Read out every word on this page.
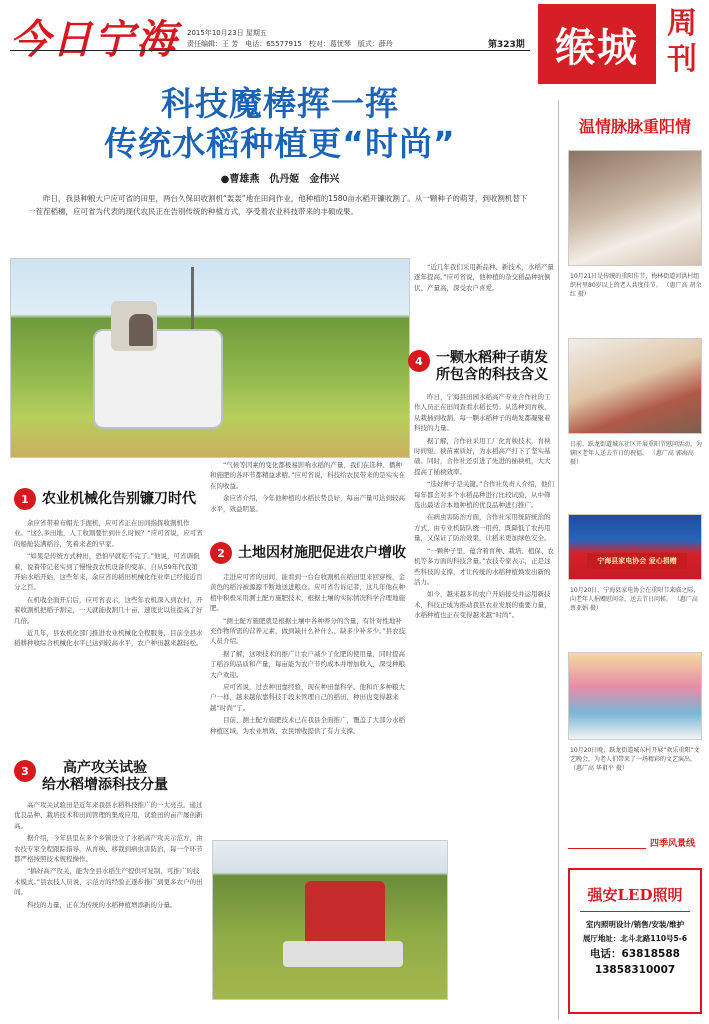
今日宁海 2015年10月23日 星期五
责任编辑：王 芳　电话：65577915　校对：葛忧琴　版式：薛玲	第323期 缑城 周刊
科技魔棒挥一挥
传统水稻种植更“时尚”
●曹雄燕　仇丹姬　金伟兴
昨日，我县种粮大户应可省的田里，两台久保田收割机“轰轰”地在田间作业，他种植的1580亩水稻开镰收割了。从一颗种子的萌芽，到收割机替下一茬茬稻穗，应可省为代表的现代农民正在告别传统的种植方式，享受着农业科技带来的丰硕成果。
1 农业机械化告别镰刀时代
2 土地因材施肥促进农户增收
3	高产攻关试验
给水稻增添科技分量
4 一颗水稻种子萌发
所包含的科技含义

余应省带着布帽光手握机，应可省正在田间指挥收割机作业。“这么多田地，人工收割要忙到什么时候？”应可省说，应可省的船舱装满稻谷，笑着来老的早家。

“如果是传统方式种田，恐怕早就吃不完了。”他说，可省调侃着，说着带记老实到了慢慢我农机设备的变革，自从59年代我第开始水稻开始，这些年来，余应省的稻田机械化作业率已经接近百分之百。

在机收全面开启后，应可省表示，这些年农机深入到农村，开着收割机把稻子割完，一天就能收割几十亩，速度比以往提高了好几倍。

近几年，县农机化部门推进农业机械化全程服务，目前全县水稻耕种收综合机械化水平已达到较高水平，农户种田越来越轻松。

“气候等因素的变化都极易影响水稻的产量，我们在选种、播种和施肥的各环节都精益求精。”应可省说，科技给农民带来的是实实在在的收益。

余应省介绍，今年他种植的水稻长势良好，每亩产量可达到较高水平，效益明显。

走进应可省的田间，能看到一台台收割机在稻田里来回穿梭，金黄色的稻谷被源源不断地送进粮仓。应可省告诉记者，这几年他在种植中积极采用测土配方施肥技术，根据土壤的实际情况科学合理地施肥。

“测土配方施肥就是根据土壤中各种养分的含量，有针对性地补充作物所需的营养元素，做到缺什么补什么、缺多少补多少。”县农技人员介绍。

据了解，这项技术的推广让农户减少了化肥的使用量，同时提高了稻谷的品质和产量，每亩能为农户节约成本并增加收入，深受种粮大户欢迎。

应可省说，过去种田靠经验，现在种田靠科学。他和许多种粮大户一样，越来越依靠科技手段来管理自己的稻田，种田也变得越来越“时尚”了。

目前，测土配方施肥技术已在我县全面推广，覆盖了大部分水稻种植区域，为农业增效、农民增收提供了有力支撑。

高产攻关试验田是近年来我县水稻科技推广的一大亮点。通过优良品种、栽培技术和田间管理的集成应用，试验田的亩产屡创新高。

据介绍，今年县里在多个乡镇设立了水稻高产攻关示范方，由农技专家全程跟踪指导，从育秧、移栽到病虫害防治，每一个环节都严格按照技术规程操作。

“搞好高产攻关，能为全县水稻生产提供可复制、可推广的技术模式。”县农技人员说，示范方的经验正逐步推广到更多农户的田间。

科技的力量，正在为传统的水稻种植增添新的分量。

“近几年我们采用新品种、新技术，水稻产量逐年提高。”应可省说，他种植的杂交稻品种抗倒伏、产量高，深受农户喜爱。

昨日，宁海县田园水稻高产专业合作社的工作人员正在田间查看水稻长势。从选种到育秧，从栽插到收割，每一颗水稻种子的萌发都凝聚着科技的力量。

据了解，合作社采用工厂化育秧技术，育秧时间短、秧苗素质好，为水稻高产打下了坚实基础。同时，合作社还引进了先进的插秧机，大大提高了插秧效率。

“选好种子是关键。”合作社负责人介绍，他们每年都会对多个水稻品种进行比较试验，从中筛选出最适合本地种植的优良品种进行推广。

在病虫害防治方面，合作社采用统防统治的方式，由专业机防队统一用药，既降低了农药用量，又保证了防治效果，让稻米更加绿色安全。

“一颗种子里，蕴含着育种、栽培、植保、农机等多方面的科技含量。”农技专家表示，正是这些科技的支撑，才让传统的水稻种植焕发出新的活力。

如今，越来越多的农户开始接受并运用新技术，科技正成为推动我县农业发展的重要力量，水稻种植也正在变得越来越“时尚”。

温情脉脉重阳情
10月21日是传统的重阳佳节，梅林街道河洪村组织村里80岁以上的老人共度佳节。 （惠广高 胡余红 摄）
日前，跃龙街道城东社区开展重阳节慰问活动，为辖区老年人送去节日的祝福。 （惠广高 郭海高 摄）
宁海县家电协会 爱心捐赠
10月20日，宁海县家电协会在重阳节来临之际，向老年人捐赠慰问金，送去节日问候。 （惠广高 蔡亚娟 摄）
10月20日晚，跃龙街道城东村开展“欢乐重阳”文艺晚会，为老人们带来了一场精彩的文艺演出。 （惠广高 华祖平 摄）
四季风景线
强安LED照明
室内照明设计/销售/安装/维护
展厅地址：北斗北路110号5-6
电话：63818588
13858310007
